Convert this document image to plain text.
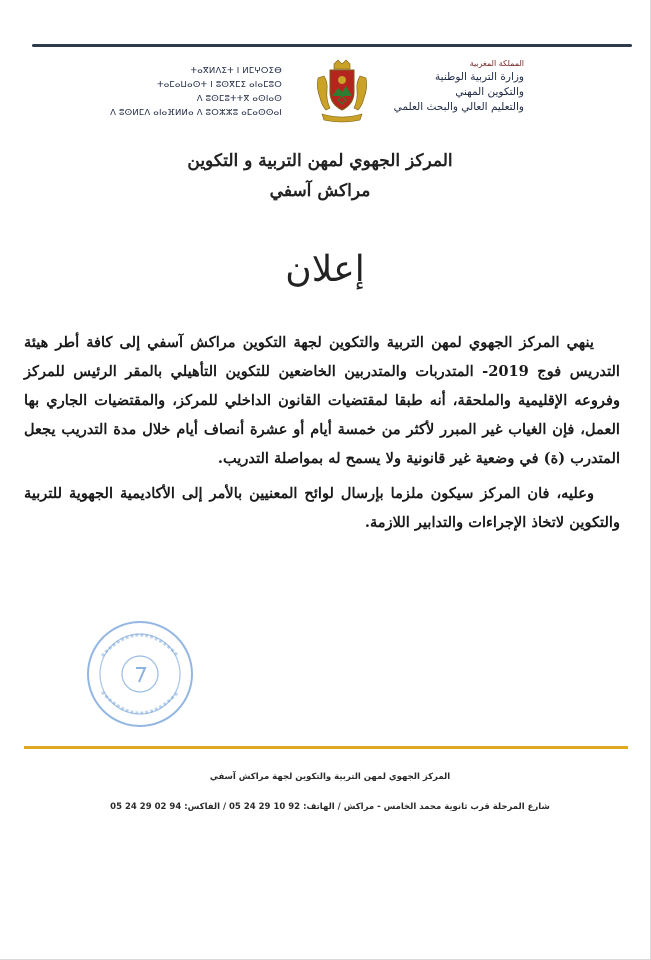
ⵜⴰⴳⵍⴷⵉⵜ ⵏ ⵍⵎⵖⵔⵉⴱ
ⵜⴰⵎⴰⵡⴰⵙⵜ ⵏ ⵓⵙⴳⵎⵉ ⴰⵏⴰⵎⵓⵔ
ⴷ ⵓⵙⵎⵓⵜⵜⴳ ⴰⵙⵏⴰⵙ
ⴷ ⵓⵙⵍⵎⴷ ⴰⵏⴰⴼⵍⵍⴰ ⴷ ⵓⵔⵣⵣⵓ ⴰⵎⴰⵙⵙⴰⵏ
المملكة المغربية
وزارة التربية الوطنية
والتكوين المهني
والتعليم العالي والبحث العلمي
المركز الجهوي لمهن التربية و التكوين
مراكش آسفي
إعلان

ينهي المركز الجهوي لمهن التربية والتكوين لجهة التكوين مراكش آسفي إلى كافة أطر هيئة التدريس فوج 2019- المتدربات والمتدربين الخاضعين للتكوين التأهيلي بالمقر الرئيس للمركز وفروعه الإقليمية والملحقة، أنه طبقا لمقتضيات القانون الداخلي للمركز، والمقتضيات الجاري بها العمل، فإن الغياب غير المبرر لأكثر من خمسة أيام أو عشرة أنصاف أيام خلال مدة التدريب يجعل المتدرب (ة) في وضعية غير قانونية ولا يسمح له بمواصلة التدريب.

وعليه، فان المركز سيكون ملزما بإرسال لوائح المعنيين بالأمر إلى الأكاديمية الجهوية للتربية والتكوين لاتخاذ الإجراءات والتدابير اللازمة.

المركز الجهوي لمهن التربية والتكوين لجهة مراكش آسفي
شارع المرحلة قرب ثانوية محمد الخامس - مراكش / الهاتف: 92 10 29 24 05 / الفاكس: 94 02 29 24 05
